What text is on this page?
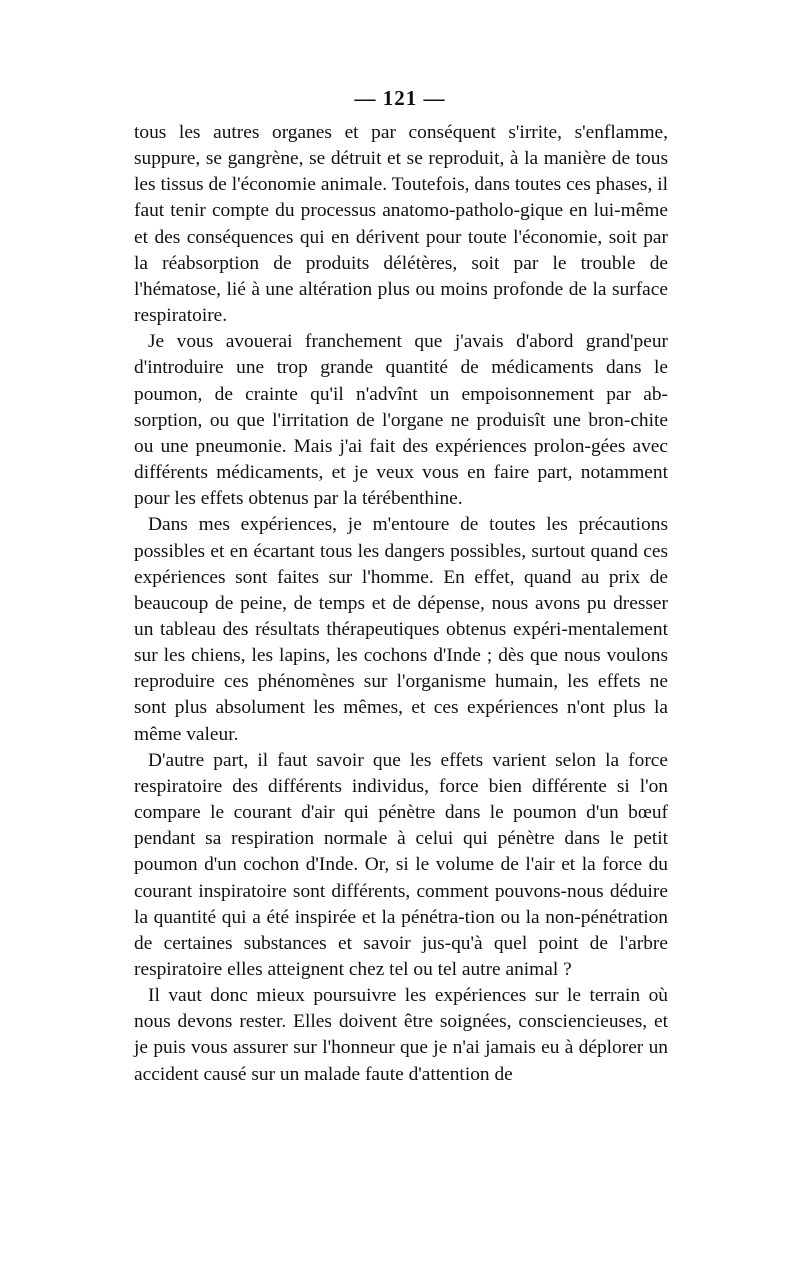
— 121 —

tous les autres organes et par conséquent s'irrite, s'enflamme, suppure, se gangrène, se détruit et se reproduit, à la manière de tous les tissus de l'économie animale. Toutefois, dans toutes ces phases, il faut tenir compte du processus anatomo-patholo-gique en lui-même et des conséquences qui en dérivent pour toute l'économie, soit par la réabsorption de produits délétères, soit par le trouble de l'hématose, lié à une altération plus ou moins profonde de la surface respiratoire.

Je vous avouerai franchement que j'avais d'abord grand'peur d'introduire une trop grande quantité de médicaments dans le poumon, de crainte qu'il n'advînt un empoisonnement par ab-sorption, ou que l'irritation de l'organe ne produisît une bron-chite ou une pneumonie. Mais j'ai fait des expériences prolon-gées avec différents médicaments, et je veux vous en faire part, notamment pour les effets obtenus par la térébenthine.

Dans mes expériences, je m'entoure de toutes les précautions possibles et en écartant tous les dangers possibles, surtout quand ces expériences sont faites sur l'homme. En effet, quand au prix de beaucoup de peine, de temps et de dépense, nous avons pu dresser un tableau des résultats thérapeutiques obtenus expéri-mentalement sur les chiens, les lapins, les cochons d'Inde ; dès que nous voulons reproduire ces phénomènes sur l'organisme humain, les effets ne sont plus absolument les mêmes, et ces expériences n'ont plus la même valeur.

D'autre part, il faut savoir que les effets varient selon la force respiratoire des différents individus, force bien différente si l'on compare le courant d'air qui pénètre dans le poumon d'un bœuf pendant sa respiration normale à celui qui pénètre dans le petit poumon d'un cochon d'Inde. Or, si le volume de l'air et la force du courant inspiratoire sont différents, comment pouvons-nous déduire la quantité qui a été inspirée et la pénétra-tion ou la non-pénétration de certaines substances et savoir jus-qu'à quel point de l'arbre respiratoire elles atteignent chez tel ou tel autre animal ?

Il vaut donc mieux poursuivre les expériences sur le terrain où nous devons rester. Elles doivent être soignées, consciencieuses, et je puis vous assurer sur l'honneur que je n'ai jamais eu à déplorer un accident causé sur un malade faute d'attention de
